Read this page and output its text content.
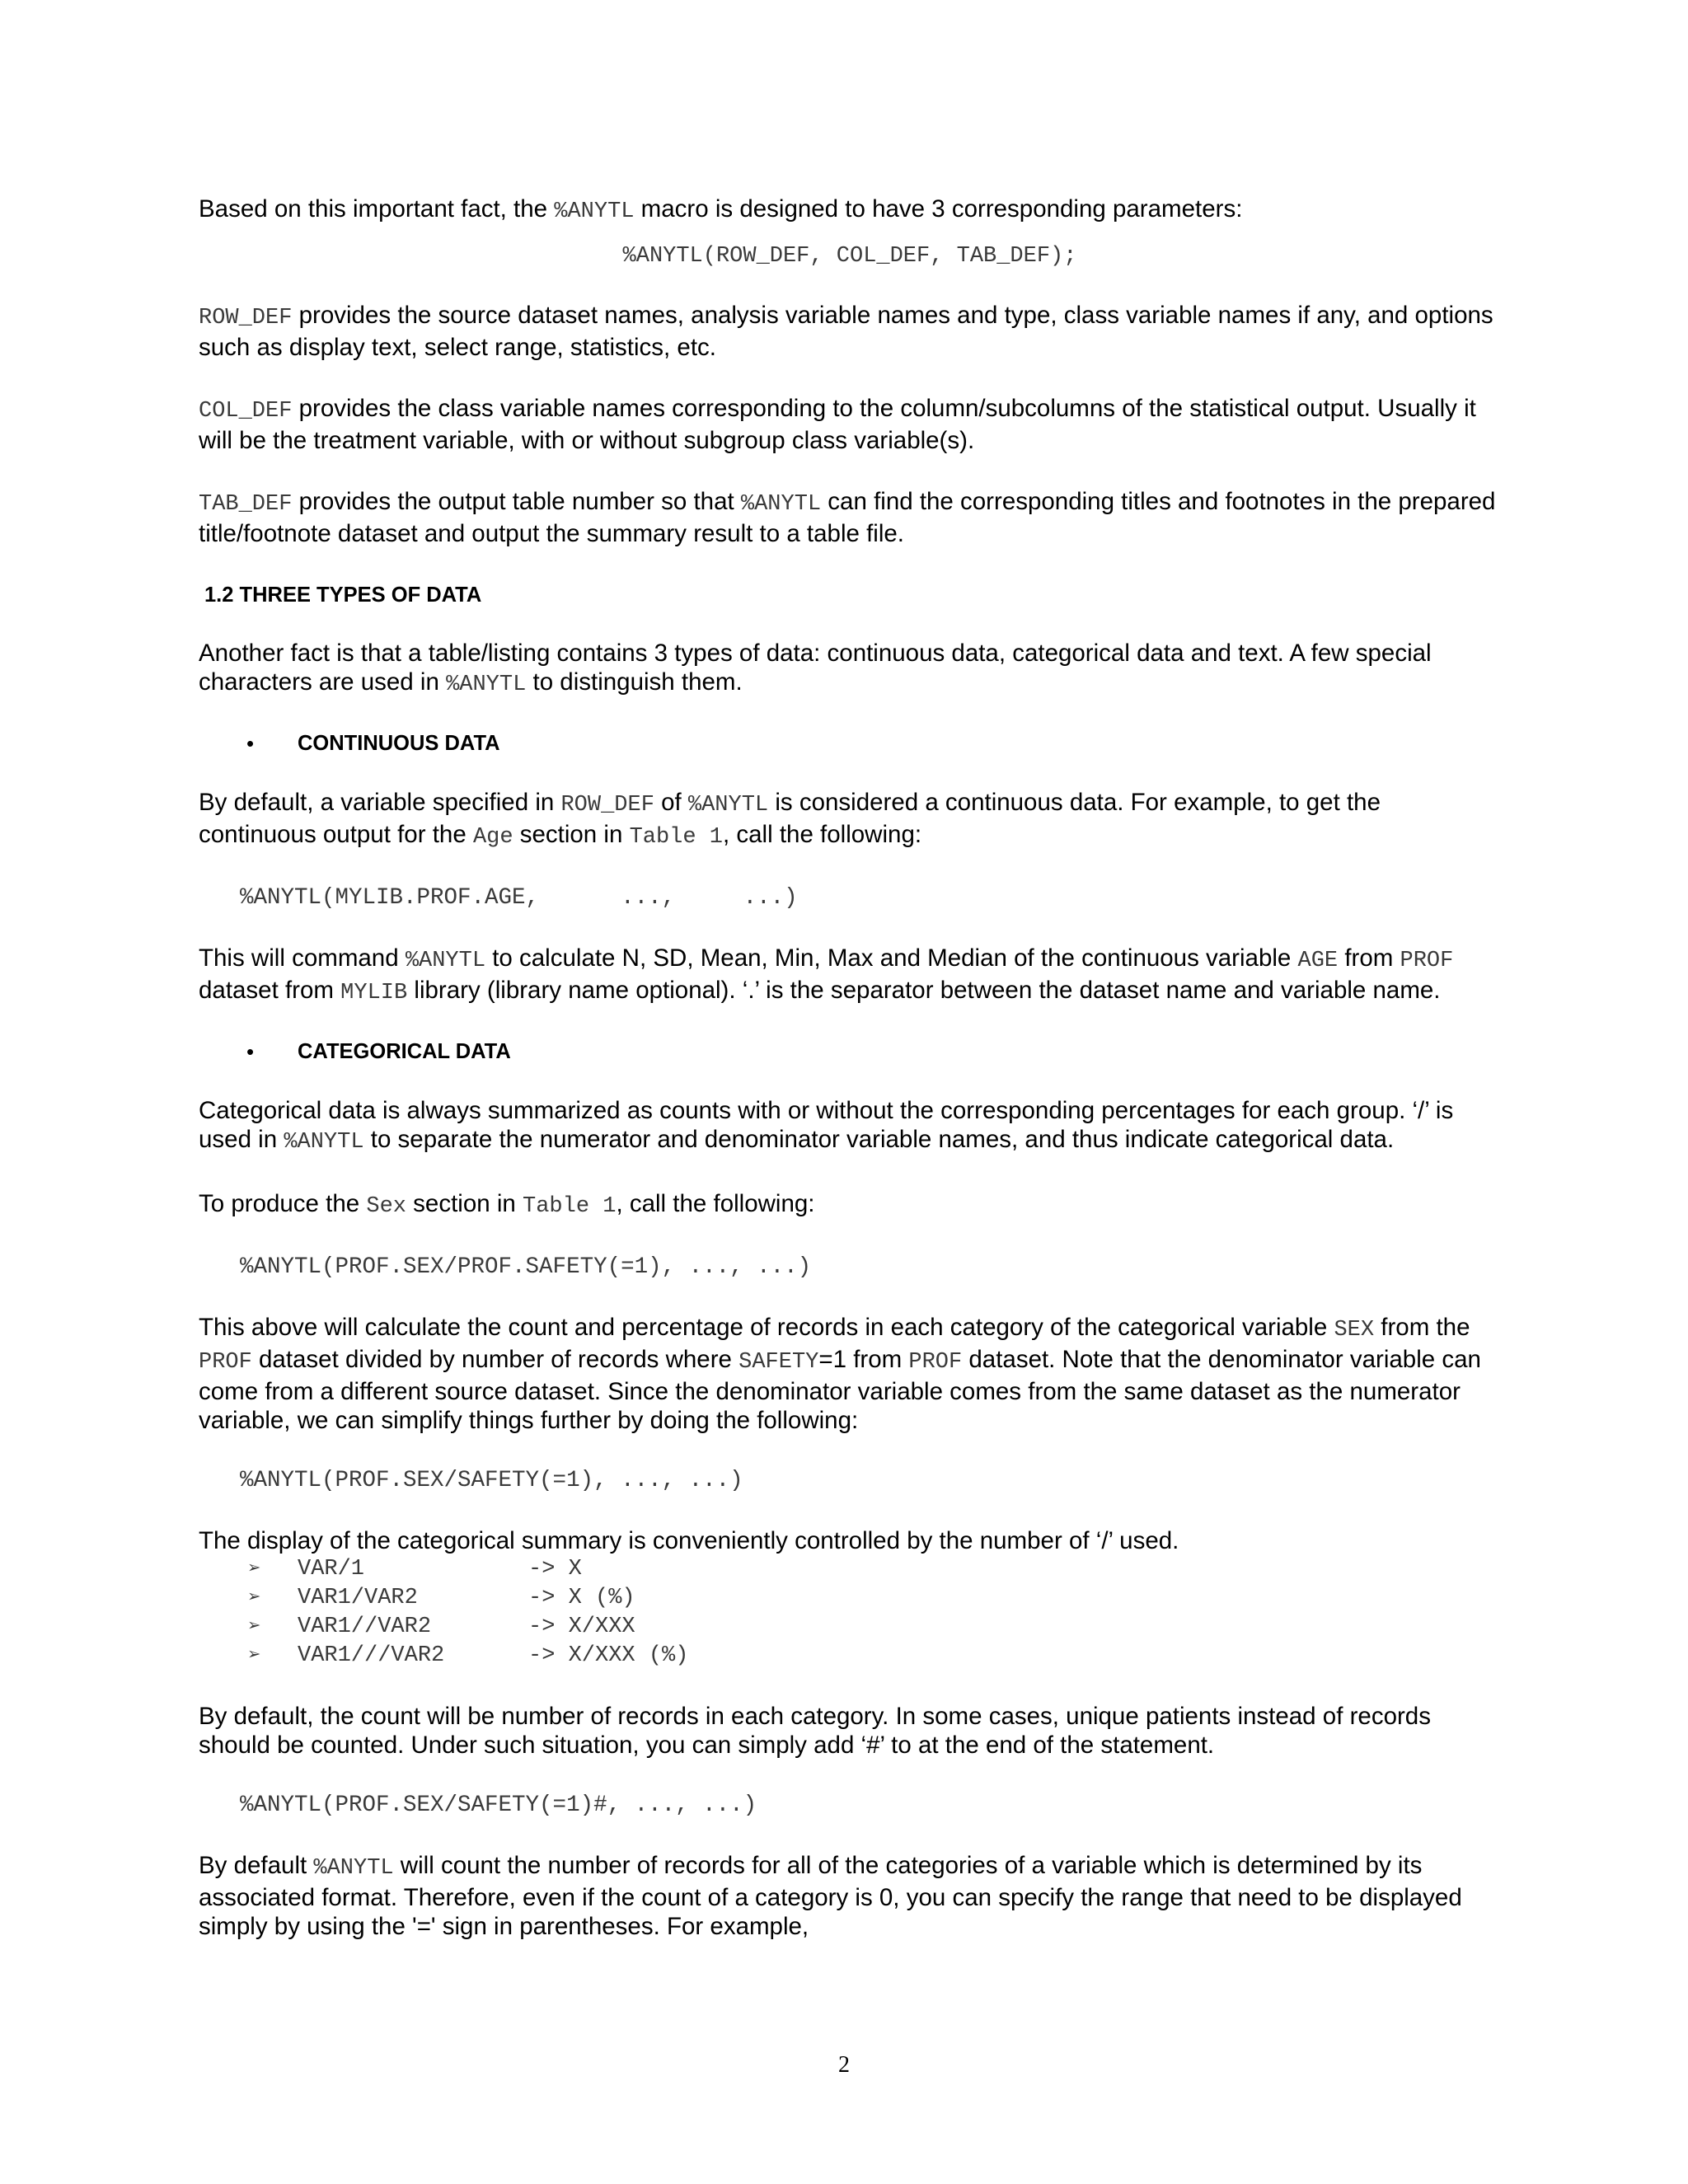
Based on this important fact, the %ANYTL macro is designed to have 3 corresponding parameters:

%ANYTL(ROW_DEF, COL_DEF, TAB_DEF);

ROW_DEF provides the source dataset names, analysis variable names and type, class variable names if any, and options such as display text, select range, statistics, etc.

COL_DEF provides the class variable names corresponding to the column/subcolumns of the statistical output. Usually it will be the treatment variable, with or without subgroup class variable(s).

TAB_DEF provides the output table number so that %ANYTL can find the corresponding titles and footnotes in the prepared title/footnote dataset and output the summary result to a table file.

1.2 THREE TYPES OF DATA

Another fact is that a table/listing contains 3 types of data: continuous data, categorical data and text. A few special characters are used in %ANYTL to distinguish them.

•	CONTINUOUS DATA

By default, a variable specified in ROW_DEF of %ANYTL is considered a continuous data. For example, to get the continuous output for the Age section in Table 1, call the following:

%ANYTL(MYLIB.PROF.AGE,      ...,     ...)

This will command %ANYTL to calculate N, SD, Mean, Min, Max and Median of the continuous variable AGE from PROF dataset from MYLIB library (library name optional). ‘.’ is the separator between the dataset name and variable name.

•	CATEGORICAL DATA

Categorical data is always summarized as counts with or without the corresponding percentages for each group. ‘/’ is used in %ANYTL to separate the numerator and denominator variable names, and thus indicate categorical data.

To produce the Sex section in Table 1, call the following:

%ANYTL(PROF.SEX/PROF.SAFETY(=1), ..., ...)

This above will calculate the count and percentage of records in each category of the categorical variable SEX from the PROF dataset divided by number of records where SAFETY=1 from PROF dataset. Note that the denominator variable can come from a different source dataset. Since the denominator variable comes from the same dataset as the numerator variable, we can simplify things further by doing the following:

%ANYTL(PROF.SEX/SAFETY(=1), ..., ...)

The display of the categorical summary is conveniently controlled by the number of ‘/’ used.

➢	VAR/1	-> X
➢	VAR1/VAR2	-> X (%)
➢	VAR1//VAR2	-> X/XXX
➢	VAR1///VAR2	-> X/XXX (%)

By default, the count will be number of records in each category. In some cases, unique patients instead of records should be counted. Under such situation, you can simply add ‘#’ to at the end of the statement.

%ANYTL(PROF.SEX/SAFETY(=1)#, ..., ...)

By default %ANYTL will count the number of records for all of the categories of a variable which is determined by its associated format. Therefore, even if the count of a category is 0, you can specify the range that need to be displayed simply by using the '=' sign in parentheses. For example,

2
